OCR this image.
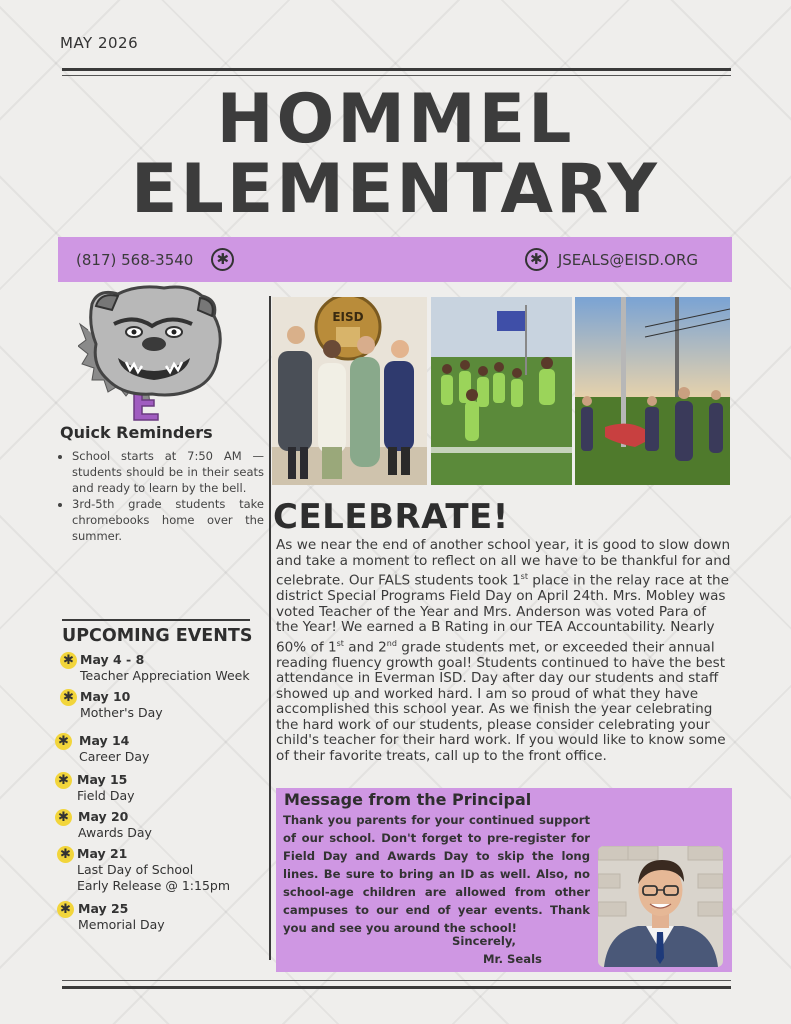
MAY 2026
HOMMEL
ELEMENTARY
(817) 568-3540	✱	✱	JSEALS@EISD.ORG
Quick Reminders
• School starts at 7:50 AM — students should be in their seats and ready to learn by the bell.
• 3rd-5th grade students take chromebooks home over the summer.
UPCOMING EVENTS
✱ May 4 - 8
Teacher Appreciation Week
✱ May 10
Mother's Day
✱ May 14
Career Day
✱ May 15
Field Day
✱ May 20
Awards Day
✱ May 21
Last Day of School
Early Release @ 1:15pm
✱ May 25
Memorial Day
EISD
CELEBRATE!
As we near the end of another school year, it is good to slow down and take a moment to reflect on all we have to be thankful for and celebrate. Our FALS students took 1st place in the relay race at the district Special Programs Field Day on April 24th. Mrs. Mobley was voted Teacher of the Year and Mrs. Anderson was voted Para of the Year! We earned a B Rating in our TEA Accountability. Nearly 60% of 1st and 2nd grade students met, or exceeded their annual reading fluency growth goal! Students continued to have the best attendance in Everman ISD. Day after day our students and staff showed up and worked hard. I am so proud of what they have accomplished this school year. As we finish the year celebrating the hard work of our students, please consider celebrating your child's teacher for their hard work. If you would like to know some of their favorite treats, call up to the front office.
Message from the Principal
Thank you parents for your continued support of our school. Don't forget to pre-register for Field Day and Awards Day to skip the long lines. Be sure to bring an ID as well. Also, no school-age children are allowed from other campuses to our end of year events. Thank you and see you around the school!
Sincerely,
Mr. Seals
